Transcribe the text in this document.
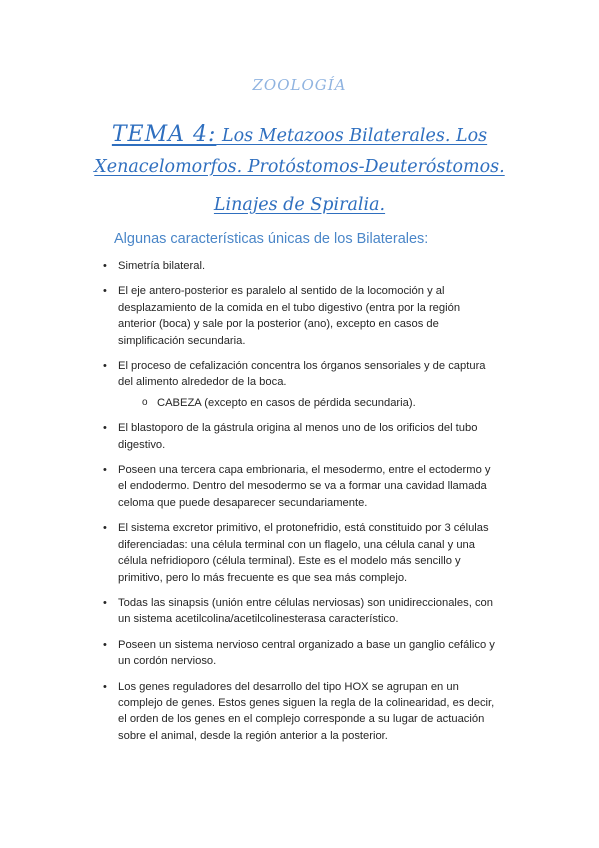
ZOOLOGÍA
TEMA 4: Los Metazoos Bilaterales. Los
Xenacelomorfos. Protóstomos-Deuteróstomos.
Linajes de Spiralia.
Algunas características únicas de los Bilaterales:
• Simetría bilateral.
• El eje antero-posterior es paralelo al sentido de la locomoción y al desplazamiento de la comida en el tubo digestivo (entra por la región anterior (boca) y sale por la posterior (ano), excepto en casos de simplificación secundaria.
• El proceso de cefalización concentra los órganos sensoriales y de captura del alimento alrededor de la boca.
o CABEZA (excepto en casos de pérdida secundaria).
• El blastoporo de la gástrula origina al menos uno de los orificios del tubo digestivo.
• Poseen una tercera capa embrionaria, el mesodermo, entre el ectodermo y el endodermo. Dentro del mesodermo se va a formar una cavidad llamada celoma que puede desaparecer secundariamente.
• El sistema excretor primitivo, el protonefridio, está constituido por 3 células diferenciadas: una célula terminal con un flagelo, una célula canal y una célula nefridioporo (célula terminal). Este es el modelo más sencillo y primitivo, pero lo más frecuente es que sea más complejo.
• Todas las sinapsis (unión entre células nerviosas) son unidireccionales, con un sistema acetilcolina/acetilcolinesterasa característico.
• Poseen un sistema nervioso central organizado a base un ganglio cefálico y un cordón nervioso.
• Los genes reguladores del desarrollo del tipo HOX se agrupan en un complejo de genes. Estos genes siguen la regla de la colinearidad, es decir, el orden de los genes en el complejo corresponde a su lugar de actuación sobre el animal, desde la región anterior a la posterior.
